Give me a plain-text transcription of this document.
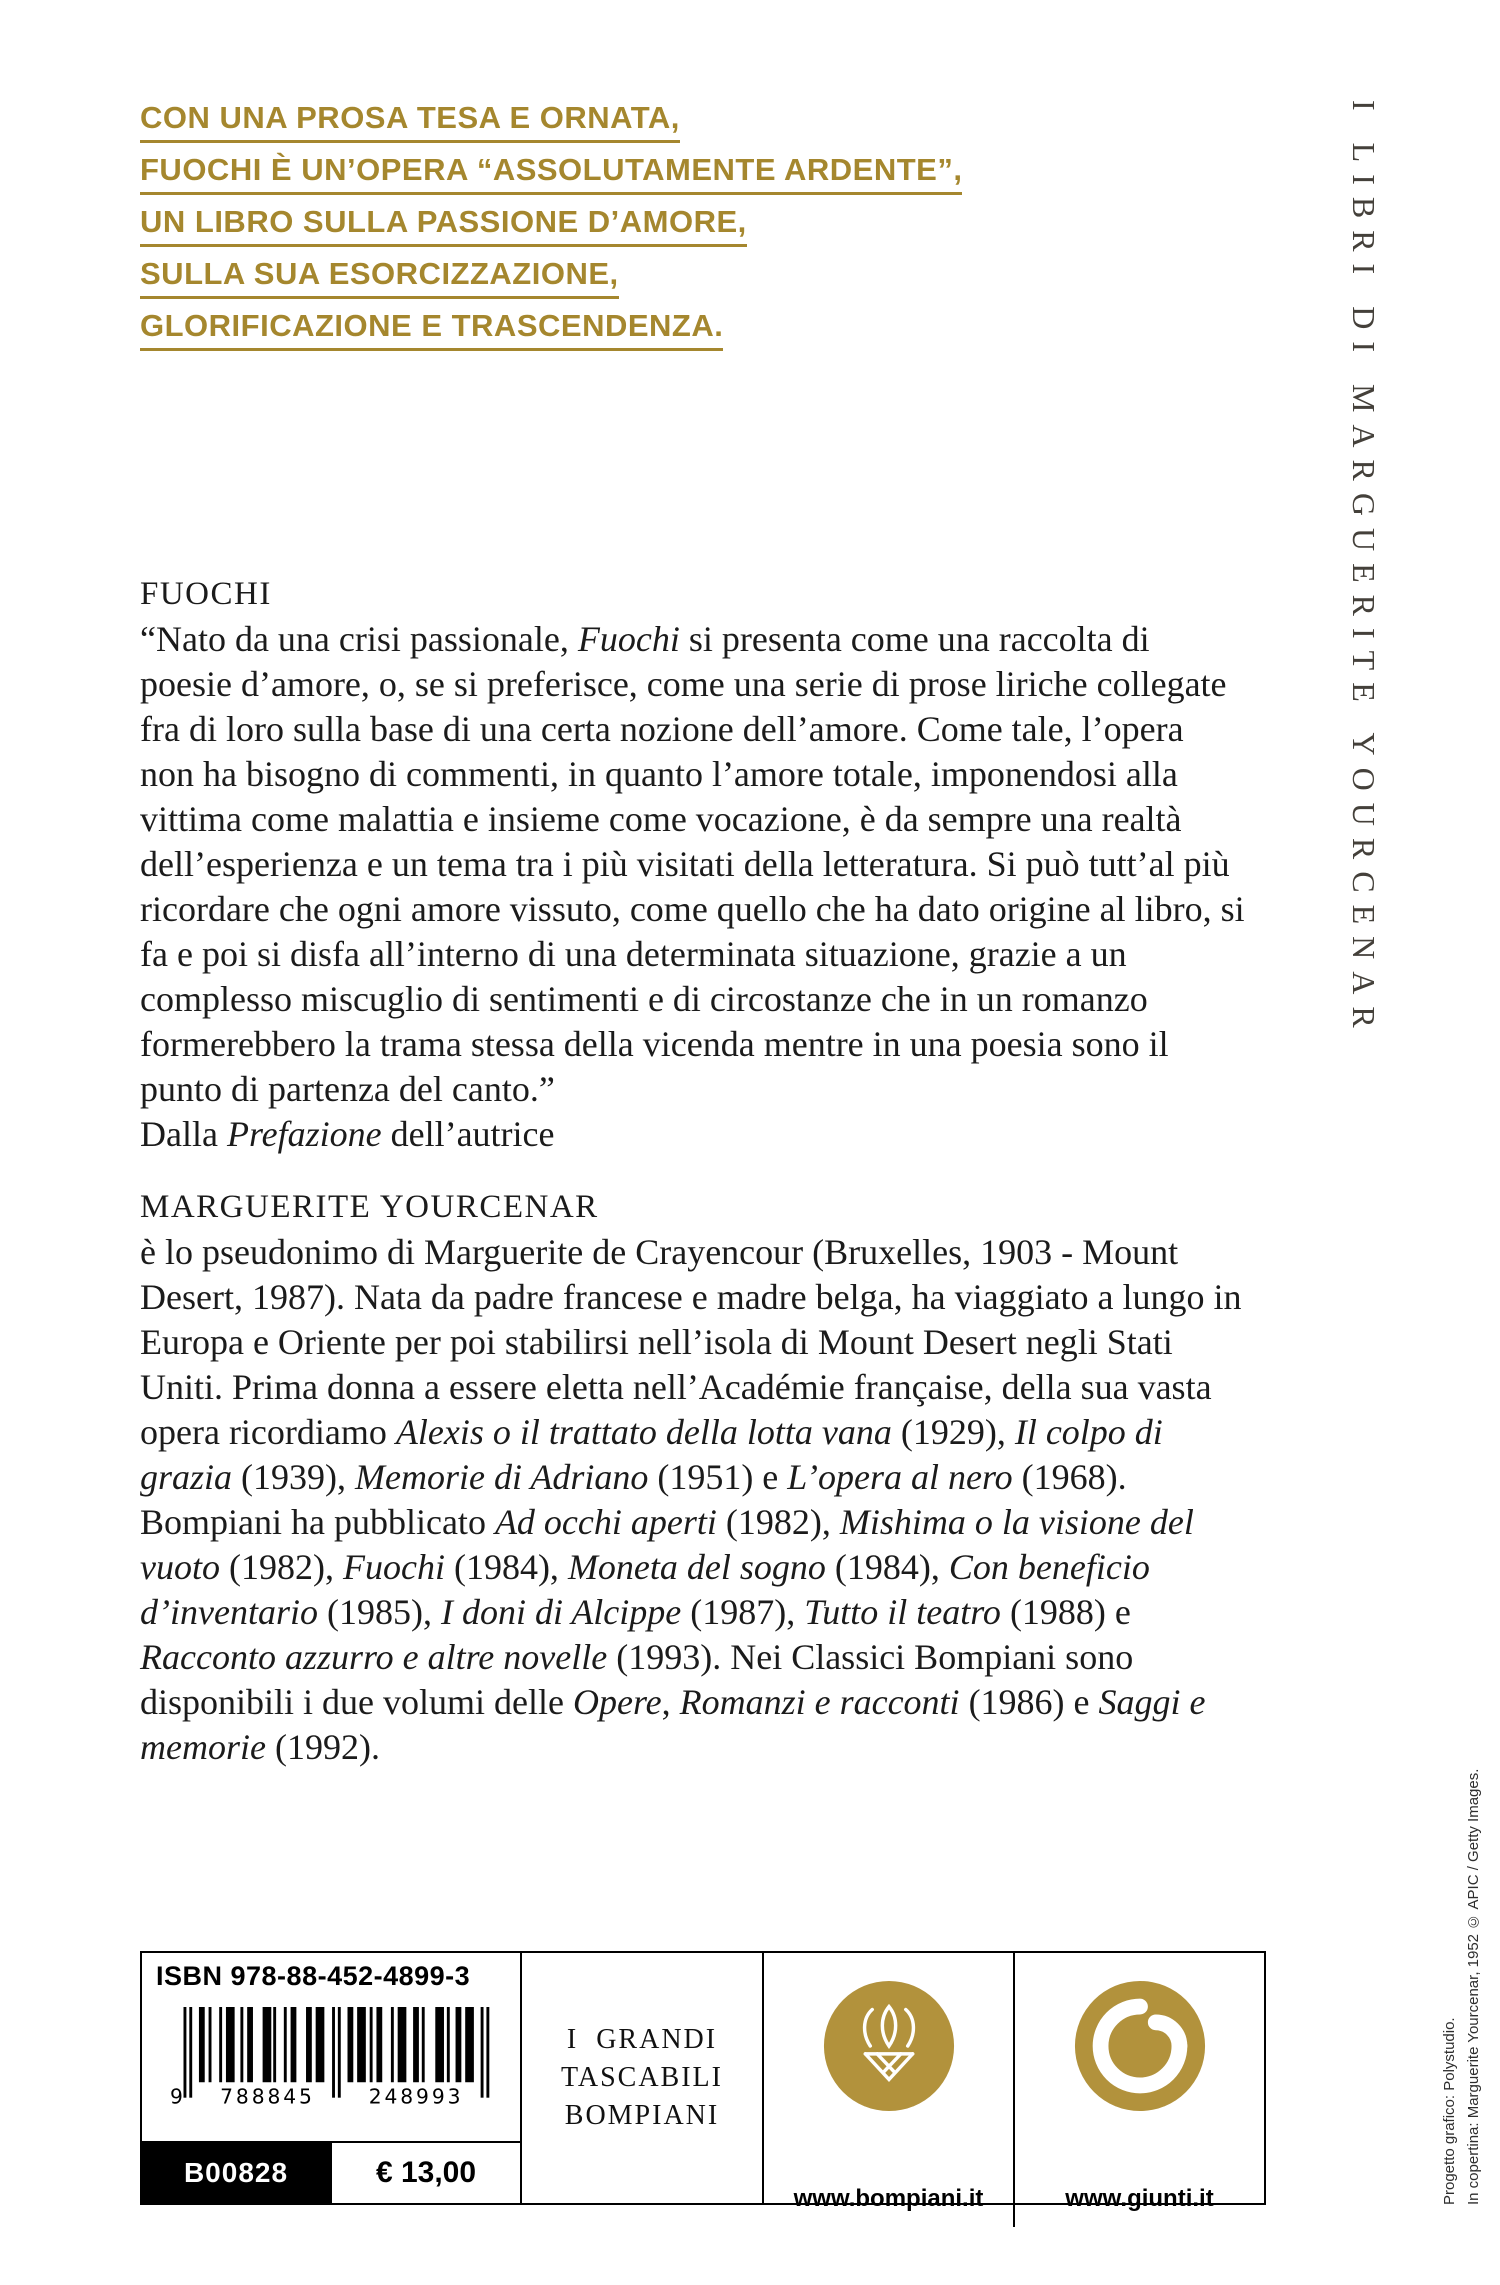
CON UNA PROSA TESA E ORNATA,
FUOCHI È UN’OPERA “ASSOLUTAMENTE ARDENTE”,
UN LIBRO SULLA PASSIONE D’AMORE,
SULLA SUA ESORCIZZAZIONE,
GLORIFICAZIONE E TRASCENDENZA.	I LIBRI DI MARGUERITE YOURCENAR
FUOCHI

“Nato da una crisi passionale, Fuochi si presenta come una raccolta di poesie d’amore, o, se si preferisce, come una serie di prose liriche collegate fra di loro sulla base di una certa nozione dell’amore. Come tale, l’opera non ha bisogno di commenti, in quanto l’amore totale, imponendosi alla vittima come malattia e insieme come vocazione, è da sempre una realtà dell’esperienza e un tema tra i più visitati della letteratura. Si può tutt’al più ricordare che ogni amore vissuto, come quello che ha dato origine al libro, si fa e poi si disfa all’interno di una determinata situazione, grazie a un complesso miscuglio di sentimenti e di circostanze che in un romanzo formerebbero la trama stessa della vicenda mentre in una poesia sono il punto di partenza del canto.”

Dalla Prefazione dell’autrice

MARGUERITE YOURCENAR

è lo pseudonimo di Marguerite de Crayencour (Bruxelles, 1903 - Mount Desert, 1987). Nata da padre francese e madre belga, ha viaggiato a lungo in Europa e Oriente per poi stabilirsi nell’isola di Mount Desert negli Stati Uniti. Prima donna a essere eletta nell’Académie française, della sua vasta opera ricordiamo Alexis o il trattato della lotta vana (1929), Il colpo di grazia (1939), Memorie di Adriano (1951) e L’opera al nero (1968). Bompiani ha pubblicato Ad occhi aperti (1982), Mishima o la visione del vuoto (1982), Fuochi (1984), Moneta del sogno (1984), Con beneficio d’inventario (1985), I doni di Alcippe (1987), Tutto il teatro (1988) e Racconto azzurro e altre novelle (1993). Nei Classici Bompiani sono disponibili i due volumi delle Opere, Romanzi e racconti (1986) e Saggi e memorie (1992).

ISBN 978-88-452-4899-3
9 788845	248993
B00828	€ 13,00
I  GRANDI
TASCABILI
BOMPIANI
www.bompiani.it	www.giunti.it	In copertina: Marguerite Yourcenar, 1952 © APIC / Getty Images.
Progetto grafico: Polystudio.
